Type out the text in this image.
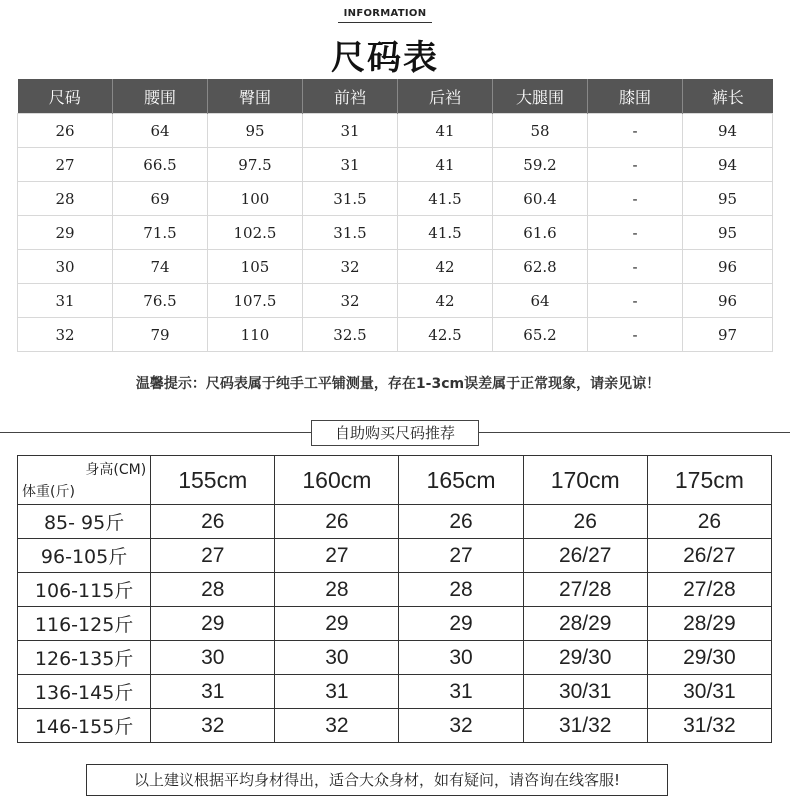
INFORMATION
尺码表
尺码	腰围	臀围	前裆	后裆	大腿围	膝围	裤长
26	64	95	31	41	58	-	94
27	66.5	97.5	31	41	59.2	-	94
28	69	100	31.5	41.5	60.4	-	95
29	71.5	102.5	31.5	41.5	61.6	-	95
30	74	105	32	42	62.8	-	96
31	76.5	107.5	32	42	64	-	96
32	79	110	32.5	42.5	65.2	-	97
温馨提示：尺码表属于纯手工平铺测量，存在1-3cm误差属于正常现象，请亲见谅！
自助购买尺码推荐
身高(CM)
体重(斤)	155cm	160cm	165cm	170cm	175cm
85- 95斤	26	26	26	26	26
96-105斤	27	27	27	26/27	26/27
106-115斤	28	28	28	27/28	27/28
116-125斤	29	29	29	28/29	28/29
126-135斤	30	30	30	29/30	29/30
136-145斤	31	31	31	30/31	30/31
146-155斤	32	32	32	31/32	31/32
以上建议根据平均身材得出，适合大众身材，如有疑问，请咨询在线客服!
